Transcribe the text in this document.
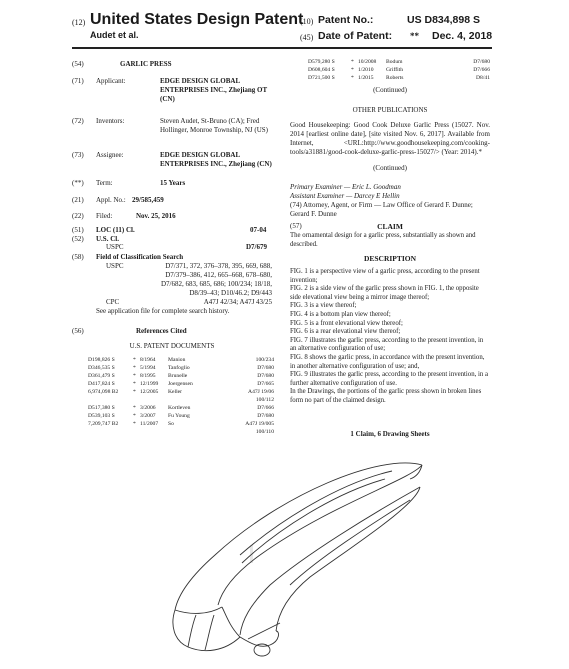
(12) United States Design Patent
Audet et al.
(10) Patent No.:	US D834,898 S
(45) Date of Patent: ** Dec. 4, 2018
(54)	GARLIC PRESS
(71) Applicant:	EDGE DESIGN GLOBAL ENTERPRISES INC., Zhejiang OT (CN)
(72) Inventors:	Steven Audet, St-Bruno (CA); Fred Hollinger, Monroe Township, NJ (US)
(73) Assignee:	EDGE DESIGN GLOBAL ENTERPRISES INC., Zhejiang (CN)
(**) Term:	15 Years
(21) Appl. No.: 29/585,459
(22) Filed:	Nov. 25, 2016
(51) LOC (11) Cl.	07-04
(52) U.S. Cl.
USPC	D7/679
(58) Field of Classification Search
USPC	D7/371, 372, 376–378, 395, 669, 688,
D7/379–386, 412, 665–668, 678–680,
D7/682, 683, 685, 686; 100/234; 18/18,
D8/39–43; D10/46.2; D9/443
CPC	A47J 42/34; A47J 43/25
See application file for complete search history.
(56)	References Cited
U.S. PATENT DOCUMENTS
D198,826 S	* 8/1964	Manion	100/234
D346,535 S	* 5/1994	Tanfoglio	D7/680
D361,479 S	* 8/1995	Brunelle	D7/680
D417,824 S	* 12/1999	Joergensen	D7/665
6,974,098 B2	* 12/2005	Keller	A47J 19/06
100/112
D517,380 S	* 3/2006	Kortleven	D7/666
D539,103 S	* 3/2007	Fu Young	D7/680
7,209,747 B2	* 11/2007	So	A47J 19/005
100/110
D579,280 S	* 10/2008	Bodum	D7/680
D608,604 S	* 1/2010	Griffith	D7/666
D721,500 S	* 1/2015	Roberts	D8/41
(Continued)
OTHER PUBLICATIONS
Good Housekeeping: Good Cook Deluxe Garlic Press (15027. Nov. 2014 [earliest online date], [site visited Nov. 6, 2017]. Available from Internet, <URL:http://www.goodhousekeeping.com/cooking-tools/a31881/good-cook-deluxe-garlic-press-15027/> (Year: 2014).*
(Continued)
Primary Examiner — Eric L. Goodman
Assistant Examiner — Darcey E Hellin
(74) Attorney, Agent, or Firm — Law Office of Gerard F. Dunne; Gerard F. Dunne
(57)	CLAIM
The ornamental design for a garlic press, substantially as shown and described.
DESCRIPTION
FIG. 1 is a perspective view of a garlic press, according to the present invention;
FIG. 2 is a side view of the garlic press shown in FIG. 1, the opposite side elevational view being a mirror image thereof;
FIG. 3 is a view thereof;
FIG. 4 is a bottom plan view thereof;
FIG. 5 is a front elevational view thereof;
FIG. 6 is a rear elevational view thereof;
FIG. 7 illustrates the garlic press, according to the present invention, in an alternative configuration of use;
FIG. 8 shows the garlic press, in accordance with the present invention, in another alternative configuration of use; and,
FIG. 9 illustrates the garlic press, according to the present invention, in a further alternative configuration of use.
In the Drawings, the portions of the garlic press shown in broken lines form no part of the claimed design.
1 Claim, 6 Drawing Sheets
